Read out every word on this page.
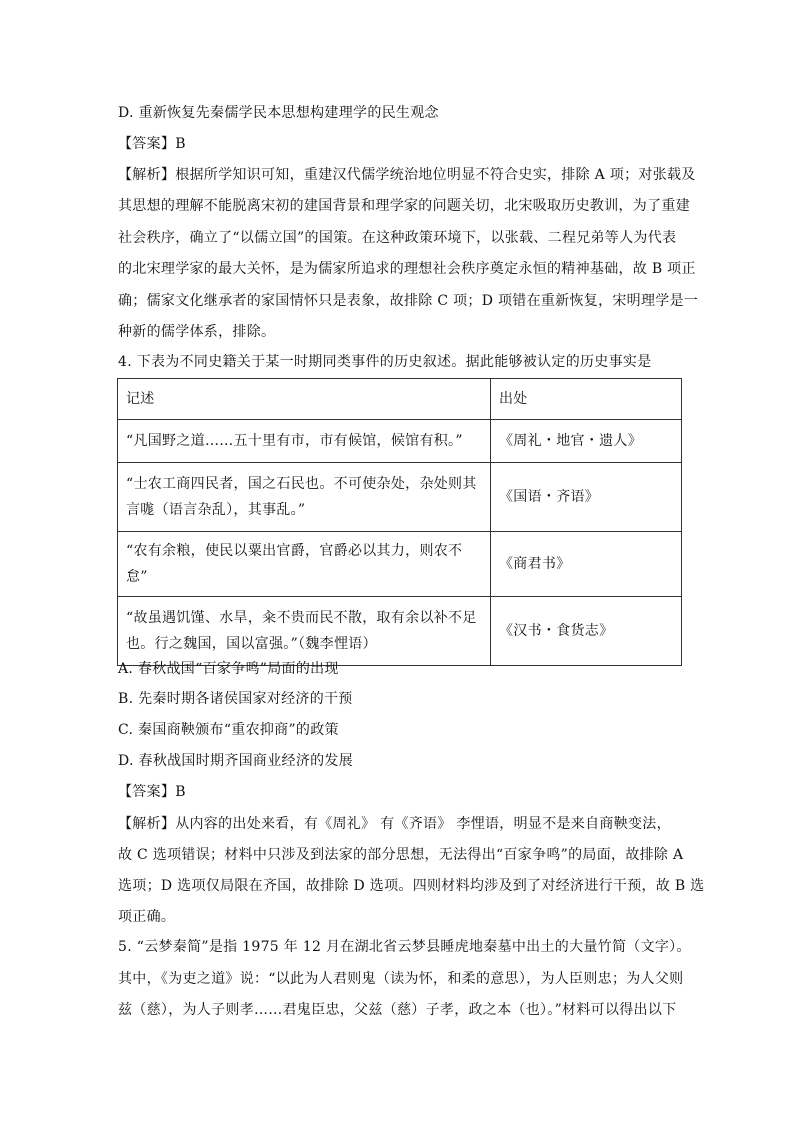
D. 重新恢复先秦儒学民本思想构建理学的民生观念
【答案】B
【解析】根据所学知识可知，重建汉代儒学统治地位明显不符合史实，排除 A 项；对张载及
其思想的理解不能脱离宋初的建国背景和理学家的问题关切，北宋吸取历史教训，为了重建
社会秩序，确立了“以儒立国”的国策。在这种政策环境下，以张载、二程兄弟等人为代表
的北宋理学家的最大关怀，是为儒家所追求的理想社会秩序奠定永恒的精神基础，故 B 项正
确；儒家文化继承者的家国情怀只是表象，故排除 C 项；D 项错在重新恢复，宋明理学是一
种新的儒学体系，排除。
4. 下表为不同史籍关于某一时期同类事件的历史叙述。据此能够被认定的历史事实是
记述	出处
“凡国野之道……五十里有市，市有候馆，候馆有积。”	《周礼・地官・遗人》
“士农工商四民者，国之石民也。不可使杂处，杂处则其言哤（语言杂乱），其事乱。”	《国语・齐语》
“农有余粮，使民以粟出官爵，官爵必以其力，则农不怠”	《商君书》
“故虽遇饥馑、水旱，籴不贵而民不散，取有余以补不足也。行之魏国，国以富强。”（魏李悝语）	《汉书・食货志》
A. 春秋战国“百家争鸣”局面的出现
B. 先秦时期各诸侯国家对经济的干预
C. 秦国商鞅颁布“重农抑商”的政策
D. 春秋战国时期齐国商业经济的发展
【答案】B
【解析】从内容的出处来看，有《周礼》 有《齐语》 李悝语，明显不是来自商鞅变法，
故 C 选项错误；材料中只涉及到法家的部分思想，无法得出“百家争鸣”的局面，故排除 A
选项；D 选项仅局限在齐国，故排除 D 选项。四则材料均涉及到了对经济进行干预，故 B 选
项正确。
5. “云梦秦简”是指 1975 年 12 月在湖北省云梦县睡虎地秦墓中出土的大量竹简（文字）。
其中，《为吏之道》说：“以此为人君则鬼（读为怀，和柔的意思），为人臣则忠；为人父则
兹（慈），为人子则孝……君鬼臣忠，父兹（慈）子孝，政之本（也）。”材料可以得出以下
